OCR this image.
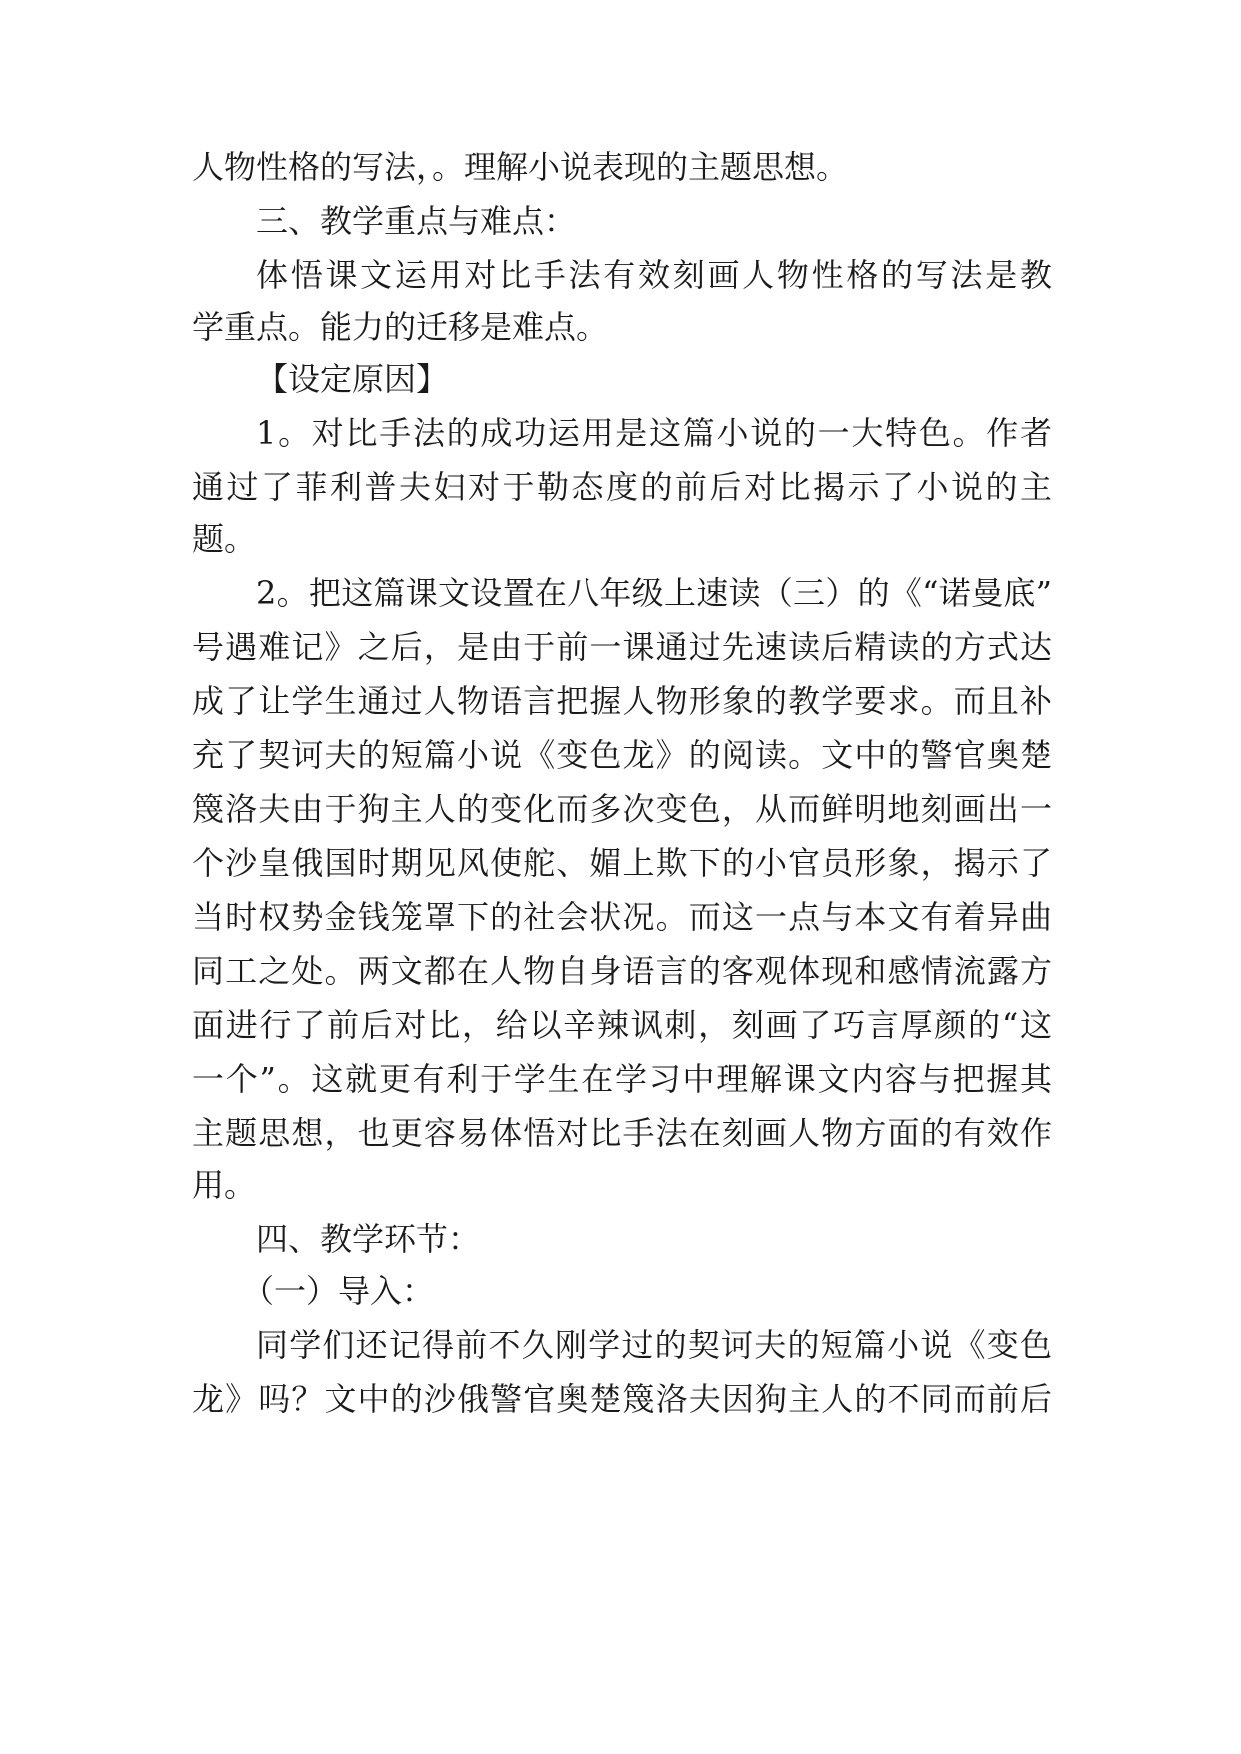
人物性格的写法，。理解小说表现的主题思想。
三、教学重点与难点：
体悟课文运用对比手法有效刻画人物性格的写法是教
学重点。能力的迁移是难点。
【设定原因】
1。对比手法的成功运用是这篇小说的一大特色。作者
通过了菲利普夫妇对于勒态度的前后对比揭示了小说的主
题。
2。把这篇课文设置在八年级上速读（三）的《“诺曼底”
号遇难记》之后，是由于前一课通过先速读后精读的方式达
成了让学生通过人物语言把握人物形象的教学要求。而且补
充了契诃夫的短篇小说《变色龙》的阅读。文中的警官奥楚
篾洛夫由于狗主人的变化而多次变色，从而鲜明地刻画出一
个沙皇俄国时期见风使舵、媚上欺下的小官员形象，揭示了
当时权势金钱笼罩下的社会状况。而这一点与本文有着异曲
同工之处。两文都在人物自身语言的客观体现和感情流露方
面进行了前后对比，给以辛辣讽刺，刻画了巧言厚颜的“这
一个”。这就更有利于学生在学习中理解课文内容与把握其
主题思想，也更容易体悟对比手法在刻画人物方面的有效作
用。
四、教学环节：
（一）导入：
同学们还记得前不久刚学过的契诃夫的短篇小说《变色
龙》吗？文中的沙俄警官奥楚篾洛夫因狗主人的不同而前后
